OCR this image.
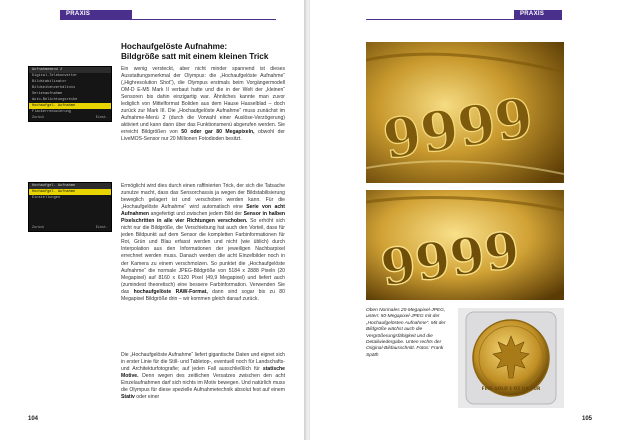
PRAXIS
Aufnahmemenü 2
Digital-Telekonverter
Bildstabilisator
Bildseitenverhältnis
Serienaufnahme
Auto-Belichtungsreihe
Hochaufgel. Aufnahme
Flackerreduzierung
Zurück	Einst.
Hochaufgel. Aufnahme
Hochaufgel. Aufnahme
Einstellungen
Zurück	Einst.
Hochaufgelöste Aufnahme:
Bildgröße satt mit einem kleinen Trick
Ein wenig versteckt, aber nicht minder spannend ist dieses Ausstattungsmerkmal der Olympus: die „Hochaufgelöste Aufnahme“ („Highresolution Shot“), die Olympus erstmals beim Vorgängermodell OM-D E-M5 Mark II verbaut hatte und die in der Welt der „kleinen“ Sensoren bis dahin einzigartig war. Ähnliches kannte man zuvor lediglich von Mittelformat Boliden aus dem Hause Hasselblad – doch zurück zur Mark III. Die „Hochaufgelöste Aufnahme“ muss zunächst im Aufnahme-Menü 2 (durch die Vorwahl einer Auslöse-Verzögerung) aktiviert und kann dann über das Funktionsmenü abgerufen werden. Sie erreicht Bildgrößen von 50 oder gar 80 Megapixeln, obwohl der LiveMOS-Sensor nur 20 Millionen Fotodioden besitzt.
Ermöglicht wird dies durch einen raffinierten Trick, der sich die Tatsache zunutze macht, dass das Sensorchassis ja wegen der Bildstabilisierung beweglich gelagert ist und verschoben werden kann. Für die „Hochaufgelöste Aufnahme“ wird automatisch eine Serie von acht Aufnahmen angefertigt und zwischen jedem Bild der Sensor in halben Pixelschritten in alle vier Richtungen verschoben. So erhöht sich nicht nur die Bildgröße, die Verschiebung hat auch den Vorteil, dass für jeden Bildpunkt auf dem Sensor die kompletten Farbinformationen für Rot, Grün und Blau erfasst werden und nicht (wie üblich) durch Interpolation aus den Informationen der jeweiligen Nachbarpixel errechnet werden muss. Danach werden die acht Einzelbilder noch in der Kamera zu einem verschmolzen. So punktet die „Hochaufgelöste Aufnahme“ die normale JPEG-Bildgröße von 5184 x 2888 Pixeln (20 Megapixel) auf 8160 x 6120 Pixel (49,9 Megapixel) und liefert auch (zumindest theoretisch) eine bessere Farbinformation. Verwenden Sie das hochaufgelöste RAW-Format, dann sind sogar bis zu 80 Megapixel Bildgröße drin – wir kommen gleich darauf zurück.
Die „Hochaufgelöste Aufnahme“ liefert gigantische Daten und eignet sich in erster Linie für die Still- und Tabletop-, eventuell noch für Landschafts- und Architekturfotografie; auf jeden Fall ausschließlich für statische Motive. Denn wegen des zeitlichen Versatzes zwischen den acht Einzelaufnahmen darf sich nichts im Motiv bewegen. Und natürlich muss die Olympus für diese spezielle Aufnahmetechnik absolut fest auf einem Stativ oder einer
104
PRAXIS
9999
9999
Oben Normales 20-Megapixel-JPEG, unten: 50-Megapixel-JPEG mit der „Hochaufgelösten Aufnahme“. Mit der Bildgröße wächst auch die Vergrößerungsfähigkeit und die Detailwiedergabe. Unten rechts der Original-Bildausschnitt. Fotos: Frank Späth
FINE GOLD 1 OZ OR PUR
105
